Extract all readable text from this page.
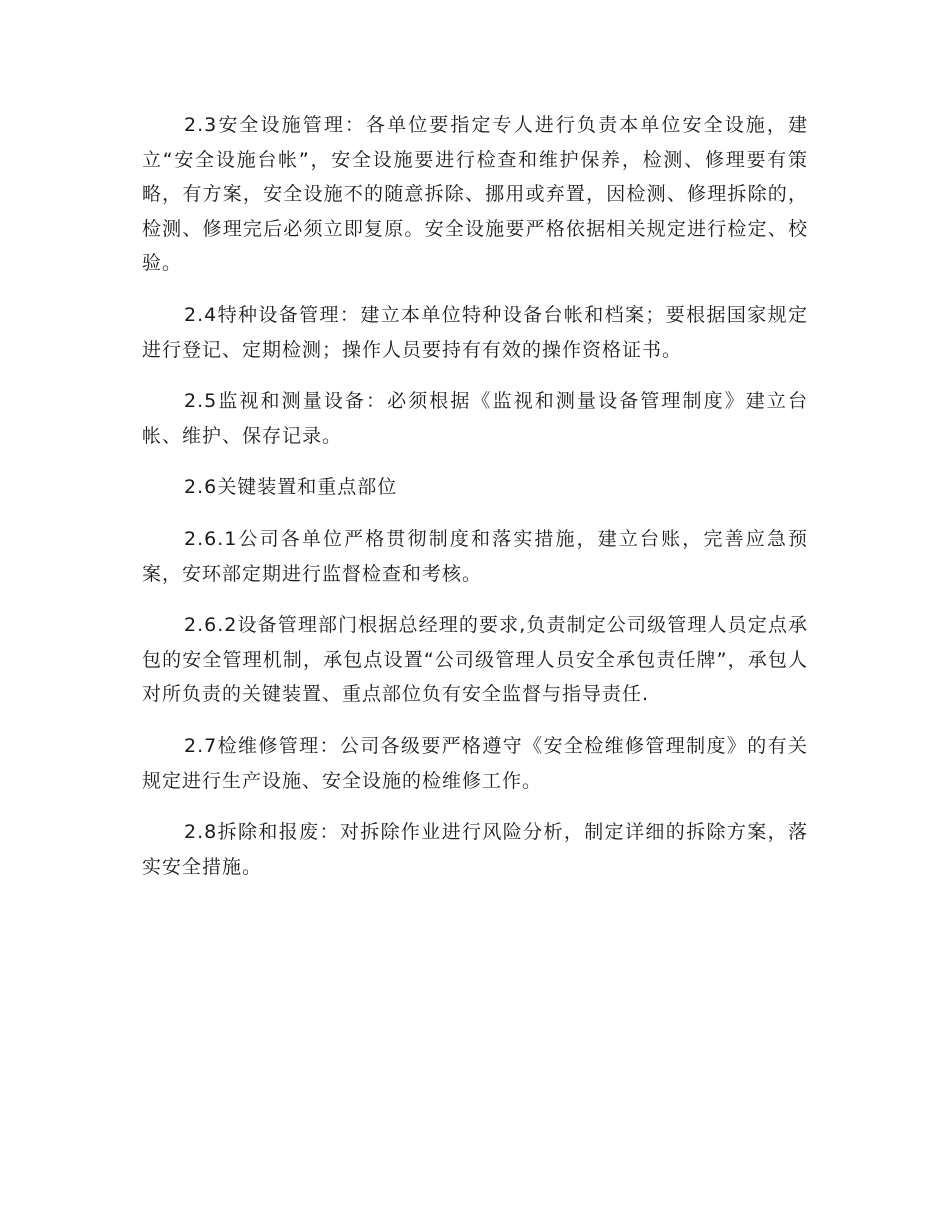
2.3安全设施管理：各单位要指定专人进行负责本单位安全设施，建立“安全设施台帐”，安全设施要进行检查和维护保养，检测、修理要有策略，有方案，安全设施不的随意拆除、挪用或弃置，因检测、修理拆除的，检测、修理完后必须立即复原。安全设施要严格依据相关规定进行检定、校验。

2.4特种设备管理：建立本单位特种设备台帐和档案；要根据国家规定进行登记、定期检测；操作人员要持有有效的操作资格证书。

2.5监视和测量设备：必须根据《监视和测量设备管理制度》建立台帐、维护、保存记录。

2.6关键装置和重点部位

2.6.1公司各单位严格贯彻制度和落实措施，建立台账，完善应急预案，安环部定期进行监督检查和考核。

2.6.2设备管理部门根据总经理的要求,负责制定公司级管理人员定点承包的安全管理机制，承包点设置“公司级管理人员安全承包责任牌”，承包人对所负责的关键装置、重点部位负有安全监督与指导责任.

2.7检维修管理：公司各级要严格遵守《安全检维修管理制度》的有关规定进行生产设施、安全设施的检维修工作。

2.8拆除和报废：对拆除作业进行风险分析，制定详细的拆除方案，落实安全措施。
